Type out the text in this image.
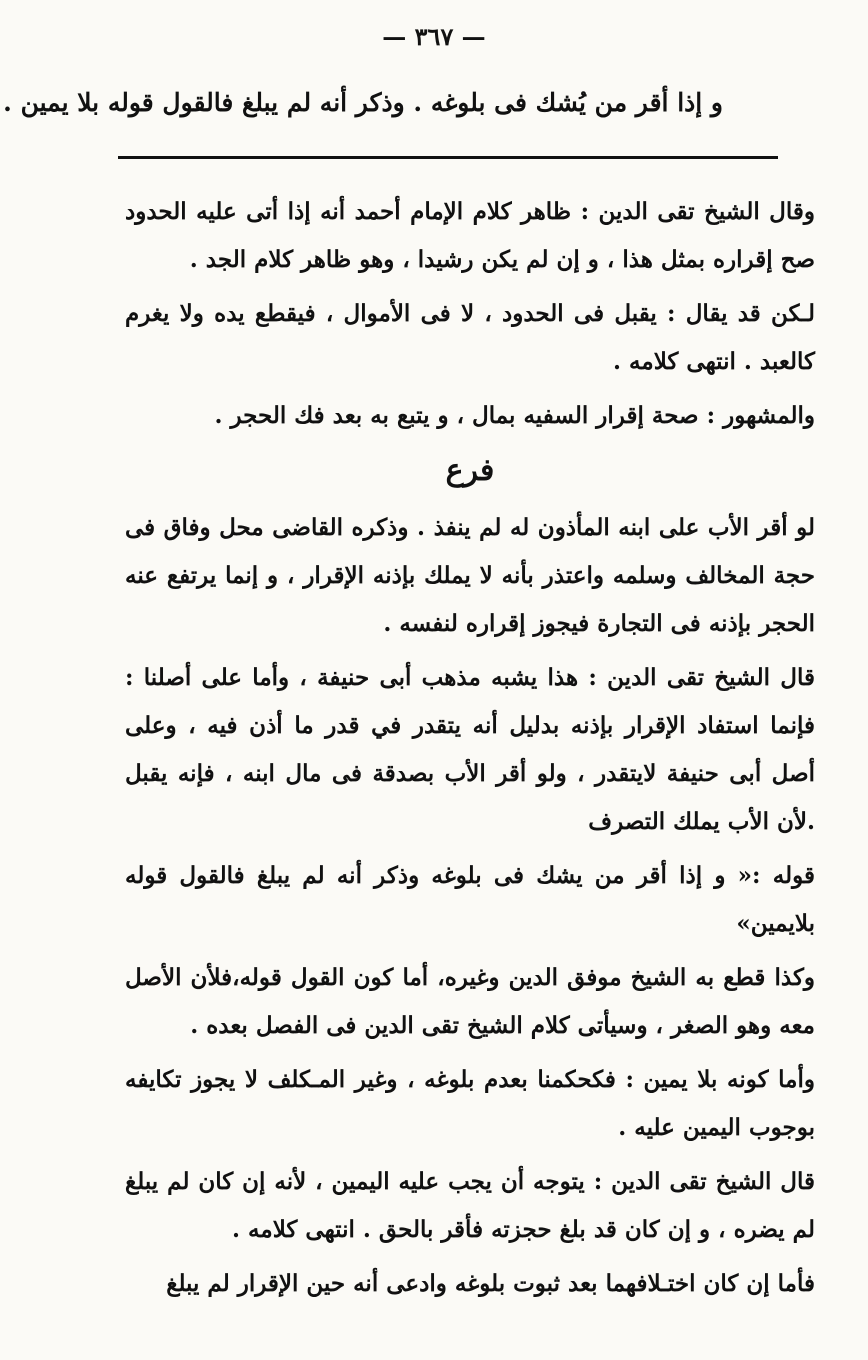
— ٣٦٧ —
و إذا أقر من يُشك فى بلوغه . وذكر أنه لم يبلغ فالقول قوله بلا يمين .

وقال الشيخ تقى الدين : ظاهر كلام الإمام أحمد أنه إذا أتى عليه الحدود صح إقراره بمثل هذا ، و إن لم يكن رشيدا ، وهو ظاهر كلام الجد .

لـكن قد يقال : يقبل فى الحدود ، لا فى الأموال ، فيقطع يده ولا يغرم كالعبد . انتهى كلامه .

والمشهور : صحة إقرار السفيه بمال ، و يتبع به بعد فك الحجر .

فرع

لو أقر الأب على ابنه المأذون له لم ينفذ . وذكره القاضى محل وفاق فى حجة المخالف وسلمه واعتذر بأنه لا يملك بإذنه الإقرار ، و إنما يرتفع عنه الحجر بإذنه فى التجارة فيجوز إقراره لنفسه .

قال الشيخ تقى الدين : هذا يشبه مذهب أبى حنيفة ، وأما على أصلنا : فإنما استفاد الإقرار بإذنه بدليل أنه يتقدر في قدر ما أذن فيه ، وعلى أصل أبى حنيفة لايتقدر ، ولو أقر الأب بصدقة فى مال ابنه ، فإنه يقبل .لأن الأب يملك التصرف

قوله :« و إذا أقر من يشك فى بلوغه وذكر أنه لم يبلغ فالقول قوله بلايمين»

وكذا قطع به الشيخ موفق الدين وغيره، أما كون القول قوله،فلأن الأصل معه وهو الصغر ، وسيأتى كلام الشيخ تقى الدين فى الفصل بعده .

وأما كونه بلا يمين : فكحكمنا بعدم بلوغه ، وغير المـكلف لا يجوز تكايفه بوجوب اليمين عليه .

قال الشيخ تقى الدين : يتوجه أن يجب عليه اليمين ، لأنه إن كان لم يبلغ لم يضره ، و إن كان قد بلغ حجزته فأقر بالحق . انتهى كلامه .

فأما إن كان اختـلافهما بعد ثبوت بلوغه وادعى أنه حين الإقرار لم يبلغ
